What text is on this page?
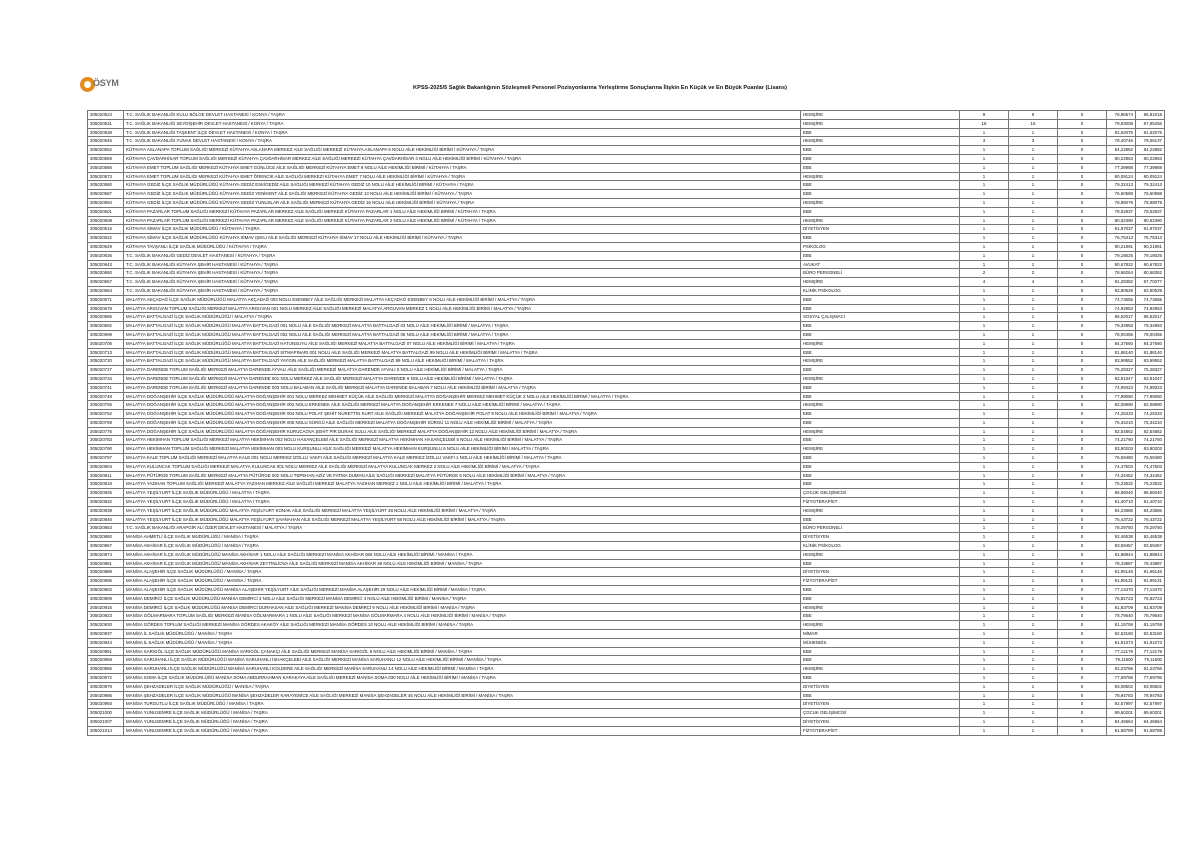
ÖSYM	KPSS-2025/5 Sağlık Bakanlığının Sözleşmeli Personel Pozisyonlarına Yerleştirme Sonuçlarına İlişkin En Küçük ve En Büyük Puanlar (Lisans)
305020524	T.C. SAĞLIK BAKANLIĞI KULU BÖLGE DEVLET HASTANESİ / KONYA / TAŞRA	HEMŞİRE	9	9	0	78,96574	86,91018
305020531	T.C. SAĞLIK BAKANLIĞI SEYDİŞEHİR DEVLET HASTANESİ / KONYA / TAŞRA	HEMŞİRE	16	16	0	79,93008	87,85256
305020538	T.C. SAĞLIK BAKANLIĞI TAŞKENT İLÇE DEVLET HASTANESİ / KONYA / TAŞRA	EBE	1	1	0	81,62075	81,62075
305020545	T.C. SAĞLIK BAKANLIĞI YUNAK DEVLET HASTANESİ / KONYA / TAŞRA	HEMŞİRE	3	3	0	78,40746	79,06137
305020552	KÜTAHYA ASLANAPA TOPLUM SAĞLIĞI MERKEZİ KÜTAHYA ASLANAPA MERKEZ AİLE SAĞLIĞI MERKEZİ KÜTAHYA ASLANAPA 5 NOLU AİLE HEKİMLİĞİ BİRİMİ / KÜTAHYA / TAŞRA	EBE	1	1	0	84,22882	84,22882
305020559	KÜTAHYA ÇAVDARHİSAR TOPLUM SAĞLIĞI MERKEZİ KÜTAHYA ÇAVDARHİSAR MERKEZ AİLE SAĞLIĞI MERKEZİ KÜTAHYA ÇAVDARHİSAR 4 NOLU AİLE HEKİMLİĞİ BİRİMİ / KÜTAHYA / TAŞRA	EBE	1	1	0	80,22863	80,22863
305020566	KÜTAHYA EMET TOPLUM SAĞLIĞI MERKEZİ KÜTAHYA EMET GÜNLÜCE AİLE SAĞLIĞI MERKEZİ KÜTAHYA EMET 9 NOLU AİLE HEKİMLİĞİ BİRİMİ / KÜTAHYA / TAŞRA	EBE	1	1	0	77,39988	77,39988
305020573	KÜTAHYA EMET TOPLUM SAĞLIĞI MERKEZİ KÜTAHYA EMET ÖRENCİK AİLE SAĞLIĞI MERKEZİ KÜTAHYA EMET 7 NOLU AİLE HEKİMLİĞİ BİRİMİ / KÜTAHYA / TAŞRA	HEMŞİRE	1	1	0	80,09124	80,09124
305020580	KÜTAHYA GEDİZ İLÇE SAĞLIK MÜDÜRLÜĞÜ KÜTAHYA GEDİZ ESKİGEDİZ AİLE SAĞLIĞI MERKEZİ KÜTAHYA GEDİZ 10 NOLU AİLE HEKİMLİĞİ BİRİMİ / KÜTAHYA / TAŞRA	EBE	1	1	0	79,32413	79,32413
305020587	KÜTAHYA GEDİZ İLÇE SAĞLIK MÜDÜRLÜĞÜ KÜTAHYA GEDİZ YENİKENT AİLE SAĞLIĞI MERKEZİ KÜTAHYA GEDİZ 13 NOLU AİLE HEKİMLİĞİ BİRİMİ / KÜTAHYA / TAŞRA	EBE	1	1	0	76,60588	76,60588
305020594	KÜTAHYA GEDİZ İLÇE SAĞLIK MÜDÜRLÜĞÜ KÜTAHYA GEDİZ YUNUSLAR AİLE SAĞLIĞI MERKEZİ KÜTAHYA GEDİZ 16 NOLU AİLE HEKİMLİĞİ BİRİMİ / KÜTAHYA / TAŞRA	HEMŞİRE	1	1	0	78,98079	78,98079
305020601	KÜTAHYA PAZARLAR TOPLUM SAĞLIĞI MERKEZİ KÜTAHYA PAZARLAR MERKEZ AİLE SAĞLIĞI MERKEZİ KÜTAHYA PAZARLAR 1 NOLU AİLE HEKİMLİĞİ BİRİMİ / KÜTAHYA / TAŞRA	EBE	1	1	0	78,52837	78,52837
305020608	KÜTAHYA PAZARLAR TOPLUM SAĞLIĞI MERKEZİ KÜTAHYA PAZARLAR MERKEZ AİLE SAĞLIĞI MERKEZİ KÜTAHYA PAZARLAR 2 NOLU AİLE HEKİMLİĞİ BİRİMİ / KÜTAHYA / TAŞRA	HEMŞİRE	1	1	0	80,62390	80,62390
305020615	KÜTAHYA SİMAV İLÇE SAĞLIK MÜDÜRLÜĞÜ / KÜTAHYA / TAŞRA	DİYETİSYEN	1	1	0	91,97037	91,97037
305020622	KÜTAHYA SİMAV İLÇE SAĞLIK MÜDÜRLÜĞÜ KÜTAHYA SİMAV IŞIKLI AİLE SAĞLIĞI MERKEZİ KÜTAHYA SİMAV 17 NOLU AİLE HEKİMLİĞİ BİRİMİ / KÜTAHYA / TAŞRA	EBE	1	1	0	76,75313	76,75313
305020629	KÜTAHYA TAVŞANLI İLÇE SAĞLIK MÜDÜRLÜĞÜ / KÜTAHYA / TAŞRA	PSİKOLOG	1	1	0	90,21891	90,21891
305020636	T.C. SAĞLIK BAKANLIĞI GEDİZ DEVLET HASTANESİ / KÜTAHYA / TAŞRA	EBE	1	1	0	79,18025	79,18025
305020643	T.C. SAĞLIK BAKANLIĞI KÜTAHYA ŞEHİR HASTANESİ / KÜTAHYA / TAŞRA	AVUKAT	1	1	0	90,67822	90,67822
305020650	T.C. SAĞLIK BAKANLIĞI KÜTAHYA ŞEHİR HASTANESİ / KÜTAHYA / TAŞRA	BÜRO PERSONELİ	2	2	0	78,68264	80,68362
305020657	T.C. SAĞLIK BAKANLIĞI KÜTAHYA ŞEHİR HASTANESİ / KÜTAHYA / TAŞRA	HEMŞİRE	4	4	0	81,28392	87,70377
305020664	T.C. SAĞLIK BAKANLIĞI KÜTAHYA ŞEHİR HASTANESİ / KÜTAHYA / TAŞRA	KLİNİK PSİKOLOG	1	1	0	82,80529	82,80529
305020671	MALATYA AKÇADAĞ İLÇE SAĞLIK MÜDÜRLÜĞÜ MALATYA AKÇADAĞ 003 NOLU ESENBEY AİLE SAĞLIĞI MERKEZİ MALATYA AKÇADAĞ ESENBEY 6 NOLU AİLE HEKİMLİĞİ BİRİMİ / MALATYA / TAŞRA	EBE	1	1	0	74,73655	74,73655
305020678	MALATYA ARGUVAN TOPLUM SAĞLIĞI MERKEZİ MALATYA ARGUVAN 001 NOLU MERKEZ AİLE SAĞLIĞI MERKEZİ MALATYA ARGUVAN MERKEZ 1 NOLU AİLE HEKİMLİĞİ BİRİMİ / MALATYA / TAŞRA	EBE	1	1	0	74,92953	74,92953
305020685	MALATYA BATTALGAZİ İLÇE SAĞLIK MÜDÜRLÜĞÜ / MALATYA / TAŞRA	SOSYAL ÇALIŞMACI	1	1	0	86,52017	86,52017
305020692	MALATYA BATTALGAZİ İLÇE SAĞLIK MÜDÜRLÜĞÜ MALATYA BATTALGAZİ 001 NOLU AİLE SAĞLIĞI MERKEZİ MALATYA BATTALGAZİ 03 NOLU AİLE HEKİMLİĞİ BİRİMİ / MALATYA / TAŞRA	EBE	1	1	0	79,34993	79,34993
305020699	MALATYA BATTALGAZİ İLÇE SAĞLIK MÜDÜRLÜĞÜ MALATYA BATTALGAZİ 002 NOLU AİLE SAĞLIĞI MERKEZİ MALATYA BATTALGAZİ 06 NOLU AİLE HEKİMLİĞİ BİRİMİ / MALATYA / TAŞRA	EBE	1	1	0	78,00455	78,00455
305020706	MALATYA BATTALGAZİ İLÇE SAĞLIK MÜDÜRLÜĞÜ MALATYA BATTALGAZİ HATUNSUYU AİLE SAĞLIĞI MERKEZİ MALATYA BATTALGAZİ 07 NOLU AİLE HEKİMLİĞİ BİRİMİ / MALATYA / TAŞRA	HEMŞİRE	1	1	0	84,37660	84,37660
305020713	MALATYA BATTALGAZİ İLÇE SAĞLIK MÜDÜRLÜĞÜ MALATYA BATTALGAZİ SİTMAPINARI 001 NOLU AİLE SAĞLIĞI MERKEZİ MALATYA BATTALGAZİ 99 NOLU AİLE HEKİMLİĞİ BİRİMİ / MALATYA / TAŞRA	EBE	1	1	0	81,88140	81,88140
305020720	MALATYA BATTALGAZİ İLÇE SAĞLIK MÜDÜRLÜĞÜ MALATYA BATTALGAZİ YAYGIN AİLE SAĞLIĞI MERKEZİ MALATYA BATTALGAZİ 89 NOLU AİLE HEKİMLİĞİ BİRİMİ / MALATYA / TAŞRA	HEMŞİRE	1	1	0	83,99552	83,99552
305020727	MALATYA DARENDE TOPLUM SAĞLIĞI MERKEZİ MALATYA DARENDE AYVALI AİLE SAĞLIĞI MERKEZİ MALATYA DARENDE AYVALI 5 NOLU AİLE HEKİMLİĞİ BİRİMİ / MALATYA / TAŞRA	EBE	1	1	0	75,28327	75,28327
305020734	MALATYA DARENDE TOPLUM SAĞLIĞI MERKEZİ MALATYA DARENDE 001 NOLU MERKEZ AİLE SAĞLIĞI MERKEZİ MALATYA DARENDE 9 NOLU AİLE HEKİMLİĞİ BİRİMİ / MALATYA / TAŞRA	HEMŞİRE	1	1	0	82,91047	82,91047
305020741	MALATYA DARENDE TOPLUM SAĞLIĞI MERKEZİ MALATYA DARENDE 003 NOLU BALABAN AİLE SAĞLIĞI MERKEZİ MALATYA DARENDE BALABAN 7 NOLU AİLE HEKİMLİĞİ BİRİMİ / MALATYA / TAŞRA	EBE	1	1	0	74,99323	74,99323
305020748	MALATYA DOĞANŞEHİR İLÇE SAĞLIK MÜDÜRLÜĞÜ MALATYA DOĞANŞEHİR 001 NOLU MERKEZ MEHMET KÜÇÜK AİLE SAĞLIĞI MERKEZİ MALATYA DOĞANŞEHİR MERKEZ MEHMET KÜÇÜK 2 NOLU AİLE HEKİMLİĞİ BİRİMİ / MALATYA / TAŞRA	EBE	1	1	0	77,99050	77,99050
305020755	MALATYA DOĞANŞEHİR İLÇE SAĞLIK MÜDÜRLÜĞÜ MALATYA DOĞANŞEHİR 002 NOLU ERKENEK AİLE SAĞLIĞI MERKEZİ MALATYA DOĞANŞEHİR ERKENEK 7 NOLU AİLE HEKİMLİĞİ BİRİMİ / MALATYA / TAŞRA	HEMŞİRE	1	1	0	82,08990	82,08990
305020762	MALATYA DOĞANŞEHİR İLÇE SAĞLIK MÜDÜRLÜĞÜ MALATYA DOĞANŞEHİR 004 NOLU POLAT ŞEHİT NURETTİN KURT AİLE SAĞLIĞI MERKEZİ MALATYA DOĞANŞEHİR POLAT 9 NOLU AİLE HEKİMLİĞİ BİRİMİ / MALATYA / TAŞRA	EBE	1	1	0	74,26333	74,26333
305020769	MALATYA DOĞANŞEHİR İLÇE SAĞLIK MÜDÜRLÜĞÜ MALATYA DOĞANŞEHİR 005 NOLU SÜRGÜ AİLE SAĞLIĞI MERKEZİ MALATYA DOĞANŞEHİR SÜRGÜ 11 NOLU AİLE HEKİMLİĞİ BİRİMİ / MALATYA / TAŞRA	EBE	1	1	0	75,34210	75,34210
305020776	MALATYA DOĞANŞEHİR İLÇE SAĞLIK MÜDÜRLÜĞÜ MALATYA DOĞANŞEHİR KURUCAOVA ŞEHİT PİR DURAK SULU AİLE SAĞLIĞI MERKEZİ MALATYA DOĞANŞEHİR 12 NOLU AİLE HEKİMLİĞİ BİRİMİ / MALATYA / TAŞRA	HEMŞİRE	1	1	0	82,54862	82,54862
305020783	MALATYA HEKİMHAN TOPLUM SAĞLIĞI MERKEZİ MALATYA HEKİMHAN 002 NOLU HASANÇELEBİ AİLE SAĞLIĞI MERKEZİ MALATYA HEKİMHAN HASANÇELEBİ 5 NOLU AİLE HEKİMLİĞİ BİRİMİ / MALATYA / TAŞRA	EBE	1	1	0	74,21760	74,21760
305020790	MALATYA HEKİMHAN TOPLUM SAĞLIĞI MERKEZİ MALATYA HEKİMHAN 003 NOLU KURŞUNLU AİLE SAĞLIĞI MERKEZİ MALATYA HEKİMHAN KURŞUNLU 6 NOLU AİLE HEKİMLİĞİ BİRİMİ / MALATYA / TAŞRA	HEMŞİRE	1	1	0	83,90203	83,90203
305020797	MALATYA KALE TOPLUM SAĞLIĞI MERKEZİ MALATYA KALE 001 NOLU MERKEZ İZOLLU VAKFI AİLE SAĞLIĞI MERKEZİ MALATYA KALE MERKEZ İZOLLU VAKFI 1 NOLU AİLE HEKİMLİĞİ BİRİMİ / MALATYA / TAŞRA	EBE	1	1	0	76,59480	76,59480
305020804	MALATYA KULUNCAK TOPLUM SAĞLIĞI MERKEZİ MALATYA KULUNCAK 001 NOLU MERKEZ AİLE SAĞLIĞI MERKEZİ MALATYA KULUNCAK MERKEZ 2 NOLU AİLE HEKİMLİĞİ BİRİMİ / MALATYA / TAŞRA	EBE	1	1	0	74,47503	74,47503
305020811	MALATYA PÜTÜRGE TOPLUM SAĞLIĞI MERKEZİ MALATYA PÜTÜRGE 002 NOLU TEPEHAN AZİZ VE FATMA DUMAN AİLE SAĞLIĞI MERKEZİ MALATYA PÜTÜRGE 6 NOLU AİLE HEKİMLİĞİ BİRİMİ / MALATYA / TAŞRA	EBE	1	1	0	74,34452	74,34452
305020818	MALATYA YAZIHAN TOPLUM SAĞLIĞI MERKEZİ MALATYA YAZIHAN MERKEZ AİLE SAĞLIĞI MERKEZİ MALATYA YAZIHAN MERKEZ 1 NOLU AİLE HEKİMLİĞİ BİRİMİ / MALATYA / TAŞRA	EBE	1	1	0	75,23532	75,23532
305020825	MALATYA YEŞİLYURT İLÇE SAĞLIK MÜDÜRLÜĞÜ / MALATYA / TAŞRA	ÇOCUK GELİŞİMCİSİ	1	1	0	86,66040	86,66040
305020832	MALATYA YEŞİLYURT İLÇE SAĞLIK MÜDÜRLÜĞÜ / MALATYA / TAŞRA	FİZYOTERAPİST	1	1	0	91,40710	91,40710
305020839	MALATYA YEŞİLYURT İLÇE SAĞLIK MÜDÜRLÜĞÜ MALATYA YEŞİLYURT KONAK AİLE SAĞLIĞI MERKEZİ MALATYA YEŞİLYURT 48 NOLU AİLE HEKİMLİĞİ BİRİMİ / MALATYA / TAŞRA	HEMŞİRE	1	1	0	84,23686	84,23686
305020846	MALATYA YEŞİLYURT İLÇE SAĞLIK MÜDÜRLÜĞÜ MALATYA YEŞİLYURT ŞAHNAHAN AİLE SAĞLIĞI MERKEZİ MALATYA YEŞİLYURT 58 NOLU AİLE HEKİMLİĞİ BİRİMİ / MALATYA / TAŞRA	EBE	1	1	0	76,43722	76,43722
305020853	T.C. SAĞLIK BAKANLIĞI ARAPGİR ALİ ÖZER DEVLET HASTANESİ / MALATYA / TAŞRA	BÜRO PERSONELİ	1	1	0	78,29750	78,29750
305020860	MANİSA AHMETLİ İLÇE SAĞLIK MÜDÜRLÜĞÜ / MANİSA / TAŞRA	DİYETİSYEN	1	1	0	92,46538	92,46538
305020867	MANİSA AKHİSAR İLÇE SAĞLIK MÜDÜRLÜĞÜ / MANİSA / TAŞRA	KLİNİK PSİKOLOG	1	1	0	83,59457	83,59457
305020874	MANİSA AKHİSAR İLÇE SAĞLIK MÜDÜRLÜĞÜ MANİSA AKHİSAR 1 NOLU AİLE SAĞLIĞI MERKEZİ MANİSA AKHİSAR 065 NOLU AİLE HEKİMLİĞİ BİRİMİ / MANİSA / TAŞRA	HEMŞİRE	1	1	0	81,88944	81,88944
305020881	MANİSA AKHİSAR İLÇE SAĞLIK MÜDÜRLÜĞÜ MANİSA AKHİSAR ZEYTİNLİOVA AİLE SAĞLIĞI MERKEZİ MANİSA AKHİSAR 48 NOLU AİLE HEKİMLİĞİ BİRİMİ / MANİSA / TAŞRA	EBE	1	1	0	78,43887	78,43887
305020888	MANİSA ALAŞEHİR İLÇE SAĞLIK MÜDÜRLÜĞÜ / MANİSA / TAŞRA	DİYETİSYEN	1	1	0	91,95146	91,95146
305020895	MANİSA ALAŞEHİR İLÇE SAĞLIK MÜDÜRLÜĞÜ / MANİSA / TAŞRA	FİZYOTERAPİST	1	1	0	91,99131	91,99131
305020902	MANİSA ALAŞEHİR İLÇE SAĞLIK MÜDÜRLÜĞÜ MANİSA ALAŞEHİR YEŞİLYURT AİLE SAĞLIĞI MERKEZİ MANİSA ALAŞEHİR 29 NOLU AİLE HEKİMLİĞİ BİRİMİ / MANİSA / TAŞRA	EBE	1	1	0	77,13470	77,13470
305020909	MANİSA DEMİRCİ İLÇE SAĞLIK MÜDÜRLÜĞÜ MANİSA DEMİRCİ 3 NOLU AİLE SAĞLIĞI MERKEZİ MANİSA DEMİRCİ 4 NOLU AİLE HEKİMLİĞİ BİRİMİ / MANİSA / TAŞRA	EBE	1	1	0	76,82723	76,82723
305020916	MANİSA DEMİRCİ İLÇE SAĞLIK MÜDÜRLÜĞÜ MANİSA DEMİRCİ DURHASAN AİLE SAĞLIĞI MERKEZİ MANİSA DEMİRCİ 9 NOLU AİLE HEKİMLİĞİ BİRİMİ / MANİSA / TAŞRA	HEMŞİRE	1	1	0	81,83709	81,83709
305020923	MANİSA GÖLMARMARA TOPLUM SAĞLIĞI MERKEZİ MANİSA GÖLMARMARA 1 NOLU AİLE SAĞLIĞI MERKEZİ MANİSA GÖLMARMARA 4 NOLU AİLE HEKİMLİĞİ BİRİMİ / MANİSA / TAŞRA	EBE	1	1	0	78,79640	78,79640
305020930	MANİSA GÖRDES TOPLUM SAĞLIĞI MERKEZİ MANİSA GÖRDES AKAKÖY AİLE SAĞLIĞI MERKEZİ MANİSA GÖRDES 10 NOLU AİLE HEKİMLİĞİ BİRİMİ / MANİSA / TAŞRA	HEMŞİRE	1	1	0	81,15759	81,15759
305020937	MANİSA İL SAĞLIK MÜDÜRLÜĞÜ / MANİSA / TAŞRA	MİMAR	1	1	0	92,53160	92,53160
305020944	MANİSA İL SAĞLIK MÜDÜRLÜĞÜ / MANİSA / TAŞRA	MÜHENDİS	1	1	0	91,91073	91,91073
305020951	MANİSA SARIGÖL İLÇE SAĞLIK MÜDÜRLÜĞÜ MANİSA SARIGÖL ÇANAKÇI AİLE SAĞLIĞI MERKEZİ MANİSA SARIGÖL 9 NOLU AİLE HEKİMLİĞİ BİRİMİ / MANİSA / TAŞRA	EBE	1	1	0	77,12179	77,12179
305020958	MANİSA SARUHANLI İLÇE SAĞLIK MÜDÜRLÜĞÜ MANİSA SARUHANLI İSHAKÇELEBİ AİLE SAĞLIĞI MERKEZİ MANİSA SARUHANLI 12 NOLU AİLE HEKİMLİĞİ BİRİMİ / MANİSA / TAŞRA	EBE	1	1	0	79,11500	79,11500
305020965	MANİSA SARUHANLI İLÇE SAĞLIK MÜDÜRLÜĞÜ MANİSA SARUHANLI KOLDERE AİLE SAĞLIĞI MERKEZİ MANİSA SARUHANLI 14 NOLU AİLE HEKİMLİĞİ BİRİMİ / MANİSA / TAŞRA	HEMŞİRE	1	1	0	81,23756	81,23756
305020972	MANİSA SOMA İLÇE SAĞLIK MÜDÜRLÜĞÜ MANİSA SOMA ABDURRAHMAN KARAKAYA AİLE SAĞLIĞI MERKEZİ MANİSA SOMA 030 NOLU AİLE HEKİMLİĞİ BİRİMİ / MANİSA / TAŞRA	EBE	1	1	0	77,69796	77,69796
305020979	MANİSA ŞEHZADELER İLÇE SAĞLIK MÜDÜRLÜĞÜ / MANİSA / TAŞRA	DİYETİSYEN	1	1	0	93,08502	93,08502
305020986	MANİSA ŞEHZADELER İLÇE SAĞLIK MÜDÜRLÜĞÜ MANİSA ŞEHZADELER KARAYENİCE AİLE SAĞLIĞI MERKEZİ MANİSA ŞEHZADELER 46 NOLU AİLE HEKİMLİĞİ BİRİMİ / MANİSA / TAŞRA	EBE	1	1	0	78,94783	78,94783
305020993	MANİSA TURGUTLU İLÇE SAĞLIK MÜDÜRLÜĞÜ / MANİSA / TAŞRA	DİYETİSYEN	1	1	0	92,57997	92,57997
305021000	MANİSA YUNUSEMRE İLÇE SAĞLIK MÜDÜRLÜĞÜ / MANİSA / TAŞRA	ÇOCUK GELİŞİMCİSİ	1	1	0	89,60201	89,60201
305021007	MANİSA YUNUSEMRE İLÇE SAĞLIK MÜDÜRLÜĞÜ / MANİSA / TAŞRA	DİYETİSYEN	1	1	0	94,46564	94,46564
305021014	MANİSA YUNUSEMRE İLÇE SAĞLIK MÜDÜRLÜĞÜ / MANİSA / TAŞRA	FİZYOTERAPİST	1	1	0	91,68789	91,68789
